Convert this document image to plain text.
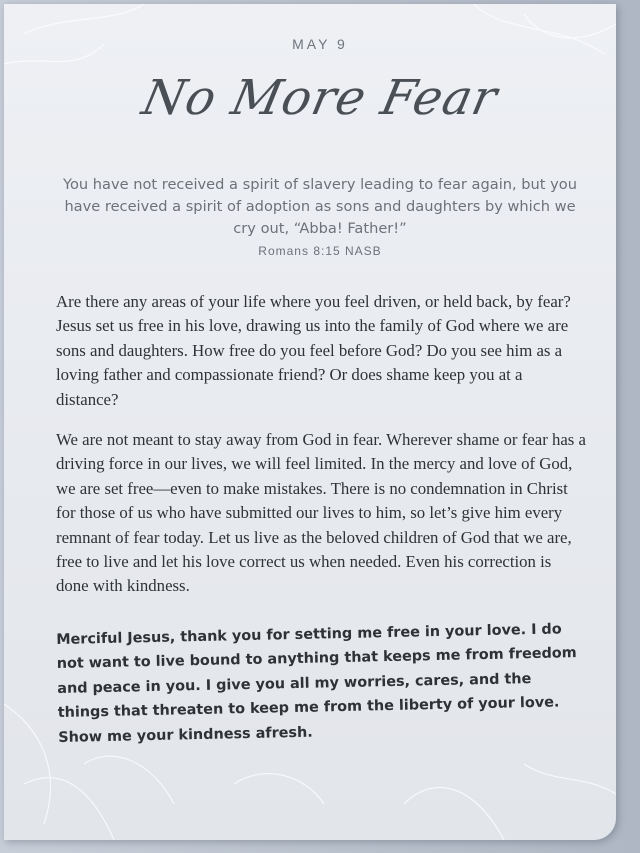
MAY 9
No More Fear
You have not received a spirit of slavery leading to fear again, but you have received a spirit of adoption as sons and daughters by which we cry out, “Abba! Father!”
Romans 8:15 NASB

Are there any areas of your life where you feel driven, or held back, by fear? Jesus set us free in his love, drawing us into the family of God where we are sons and daughters. How free do you feel before God? Do you see him as a loving father and compassionate friend? Or does shame keep you at a distance?

We are not meant to stay away from God in fear. Wherever shame or fear has a driving force in our lives, we will feel limited. In the mercy and love of God, we are set free—even to make mistakes. There is no condemnation in Christ for those of us who have submitted our lives to him, so let’s give him every remnant of fear today. Let us live as the beloved children of God that we are, free to live and let his love correct us when needed. Even his correction is done with kindness.

Merciful Jesus, thank you for setting me free in your love. I do not want to live bound to anything that keeps me from freedom and peace in you. I give you all my worries, cares, and the things that threaten to keep me from the liberty of your love. Show me your kindness afresh.
